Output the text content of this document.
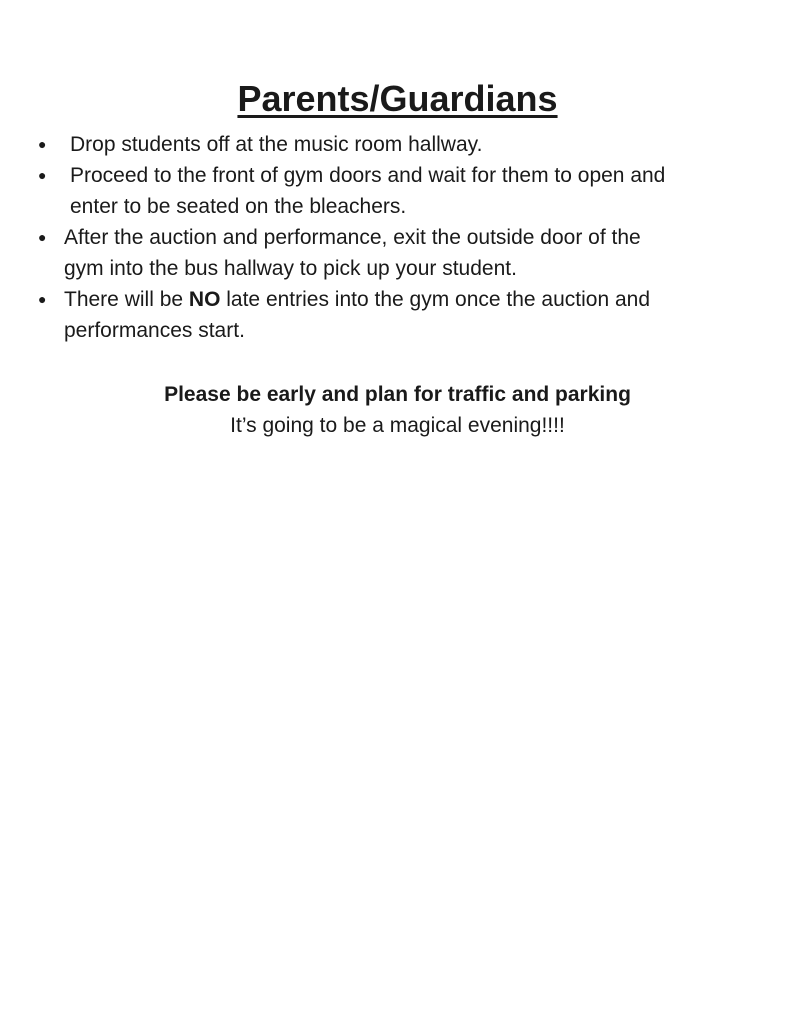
Parents/Guardians
●	Drop students off at the music room hallway.
●	Proceed to the front of gym doors and wait for them to open and
enter to be seated on the bleachers.
● After the auction and performance, exit the outside door of the
gym into the bus hallway to pick up your student.
● There will be NO late entries into the gym once the auction and
performances start.

Please be early and plan for traffic and parking

It’s going to be a magical evening!!!!
